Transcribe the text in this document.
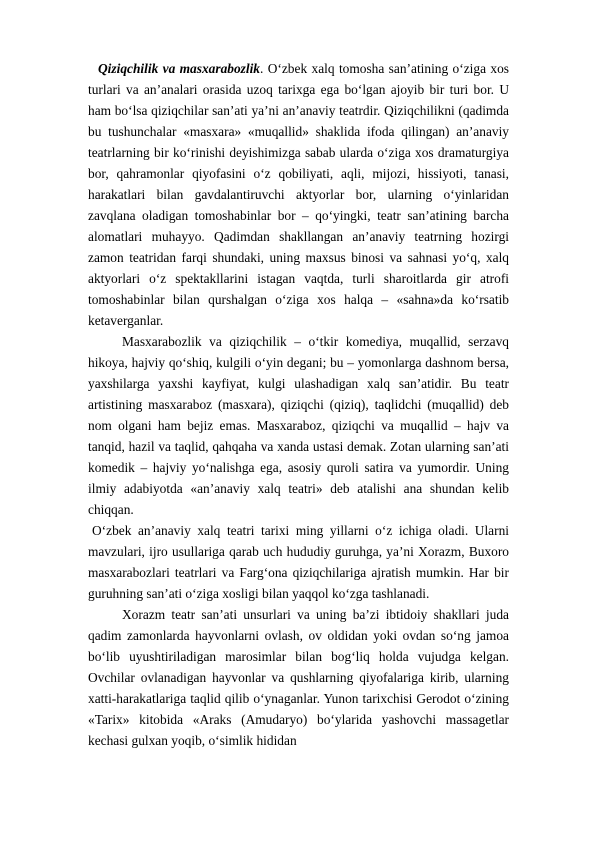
Qiziqchilik va masxarabozlik. O‘zbek xalq tomosha san’atining o‘ziga xos turlari va an’analari orasida uzoq tarixga ega bo‘lgan ajoyib bir turi bor. U ham bo‘lsa qiziqchilar san’ati ya’ni an’anaviy teatrdir. Qiziqchilikni (qadimda bu tushunchalar «masxara» «muqallid» shaklida ifoda qilingan) an’anaviy teatrlarning bir ko‘rinishi deyishimizga sabab ularda o‘ziga xos dramaturgiya bor, qahramonlar qiyofasini o‘z qobiliyati, aqli, mijozi, hissiyoti, tanasi, harakatlari bilan gavdalantiruvchi aktyorlar bor, ularning o‘yinlaridan zavqlana oladigan tomoshabinlar bor – qo‘yingki, teatr san’atining barcha alomatlari muhayyo. Qadimdan shakllangan an’anaviy teatrning hozirgi zamon teatridan farqi shundaki, uning maxsus binosi va sahnasi yo‘q, xalq aktyorlari o‘z spektakllarini istagan vaqtda, turli sharoitlarda gir atrofi tomoshabinlar bilan qurshalgan o‘ziga xos halqa – «sahna»da ko‘rsatib ketaverganlar.

Masxarabozlik va qiziqchilik – o‘tkir komediya, muqallid, serzavq hikoya, hajviy qo‘shiq, kulgili o‘yin degani; bu – yomonlarga dashnom bersa, yaxshilarga yaxshi kayfiyat, kulgi ulashadigan xalq san’atidir. Bu teatr artistining masxaraboz (masxara), qiziqchi (qiziq), taqlidchi (muqallid) deb nom olgani ham bejiz emas. Masxaraboz, qiziqchi va muqallid – hajv va tanqid, hazil va taqlid, qahqaha va xanda ustasi demak. Zotan ularning san’ati komedik – hajviy yo‘nalishga ega, asosiy quroli satira va yumordir. Uning ilmiy adabiyotda «an’anaviy xalq teatri» deb atalishi ana shundan kelib chiqqan.

O‘zbek an’anaviy xalq teatri tarixi ming yillarni o‘z ichiga oladi. Ularni mavzulari, ijro usullariga qarab uch hududiy guruhga, ya’ni Xorazm, Buxoro masxarabozlari teatrlari va Farg‘ona qiziqchilariga ajratish mumkin. Har bir guruhning san’ati o‘ziga xosligi bilan yaqqol ko‘zga tashlanadi.

Xorazm teatr san’ati unsurlari va uning ba’zi ibtidoiy shakllari juda qadim zamonlarda hayvonlarni ovlash, ov oldidan yoki ovdan so‘ng jamoa bo‘lib uyushtiriladigan marosimlar bilan bog‘liq holda vujudga kelgan. Ovchilar ovlanadigan hayvonlar va qushlarning qiyofalariga kirib, ularning xatti-harakatlariga taqlid qilib o‘ynaganlar. Yunon tarixchisi Gerodot o‘zining «Tarix» kitobida «Araks (Amudaryo) bo‘ylarida yashovchi massagetlar kechasi gulxan yoqib, o‘simlik hididan
